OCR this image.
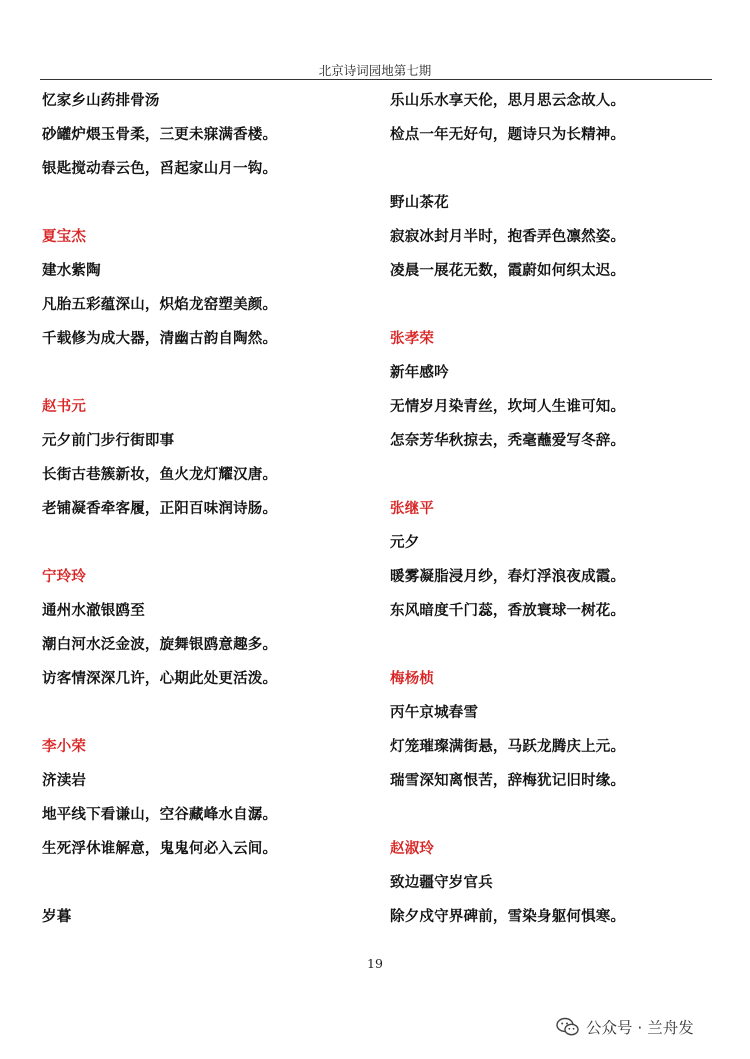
北京诗词园地第七期
忆家乡山药排骨汤
砂罐炉煨玉骨柔，三更未寐满香楼。
银匙搅动春云色，舀起家山月一钩。
夏宝杰
建水紫陶
凡胎五彩蕴深山，炽焰龙窑塑美颜。
千载修为成大器，清幽古韵自陶然。
赵书元
元夕前门步行街即事
长街古巷簇新妆，鱼火龙灯耀汉唐。
老铺凝香牵客履，正阳百味润诗肠。
宁玲玲
通州水澈银鸥至
潮白河水泛金波，旋舞银鸥意趣多。
访客情深深几许，心期此处更活泼。
李小荣
济渎岩
地平线下看谦山，空谷藏峰水自潺。
生死浮休谁解意，鬼鬼何必入云间。
岁暮
乐山乐水享天伦，思月思云念故人。
检点一年无好句，题诗只为长精神。
野山茶花
寂寂冰封月半时，抱香弄色凛然姿。
凌晨一展花无数，霞蔚如何织太迟。
张孝荣
新年感吟
无情岁月染青丝，坎坷人生谁可知。
怎奈芳华秋掠去，秃毫蘸爱写冬辞。
张继平
元夕
暖雾凝脂浸月纱，春灯浮浪夜成霞。
东风暗度千门蕊，香放寰球一树花。
梅杨桢
丙午京城春雪
灯笼璀璨满街悬，马跃龙腾庆上元。
瑞雪深知离恨苦，辞梅犹记旧时缘。
赵淑玲
致边疆守岁官兵
除夕戍守界碑前，雪染身躯何惧寒。
19
公众号 · 兰舟发
